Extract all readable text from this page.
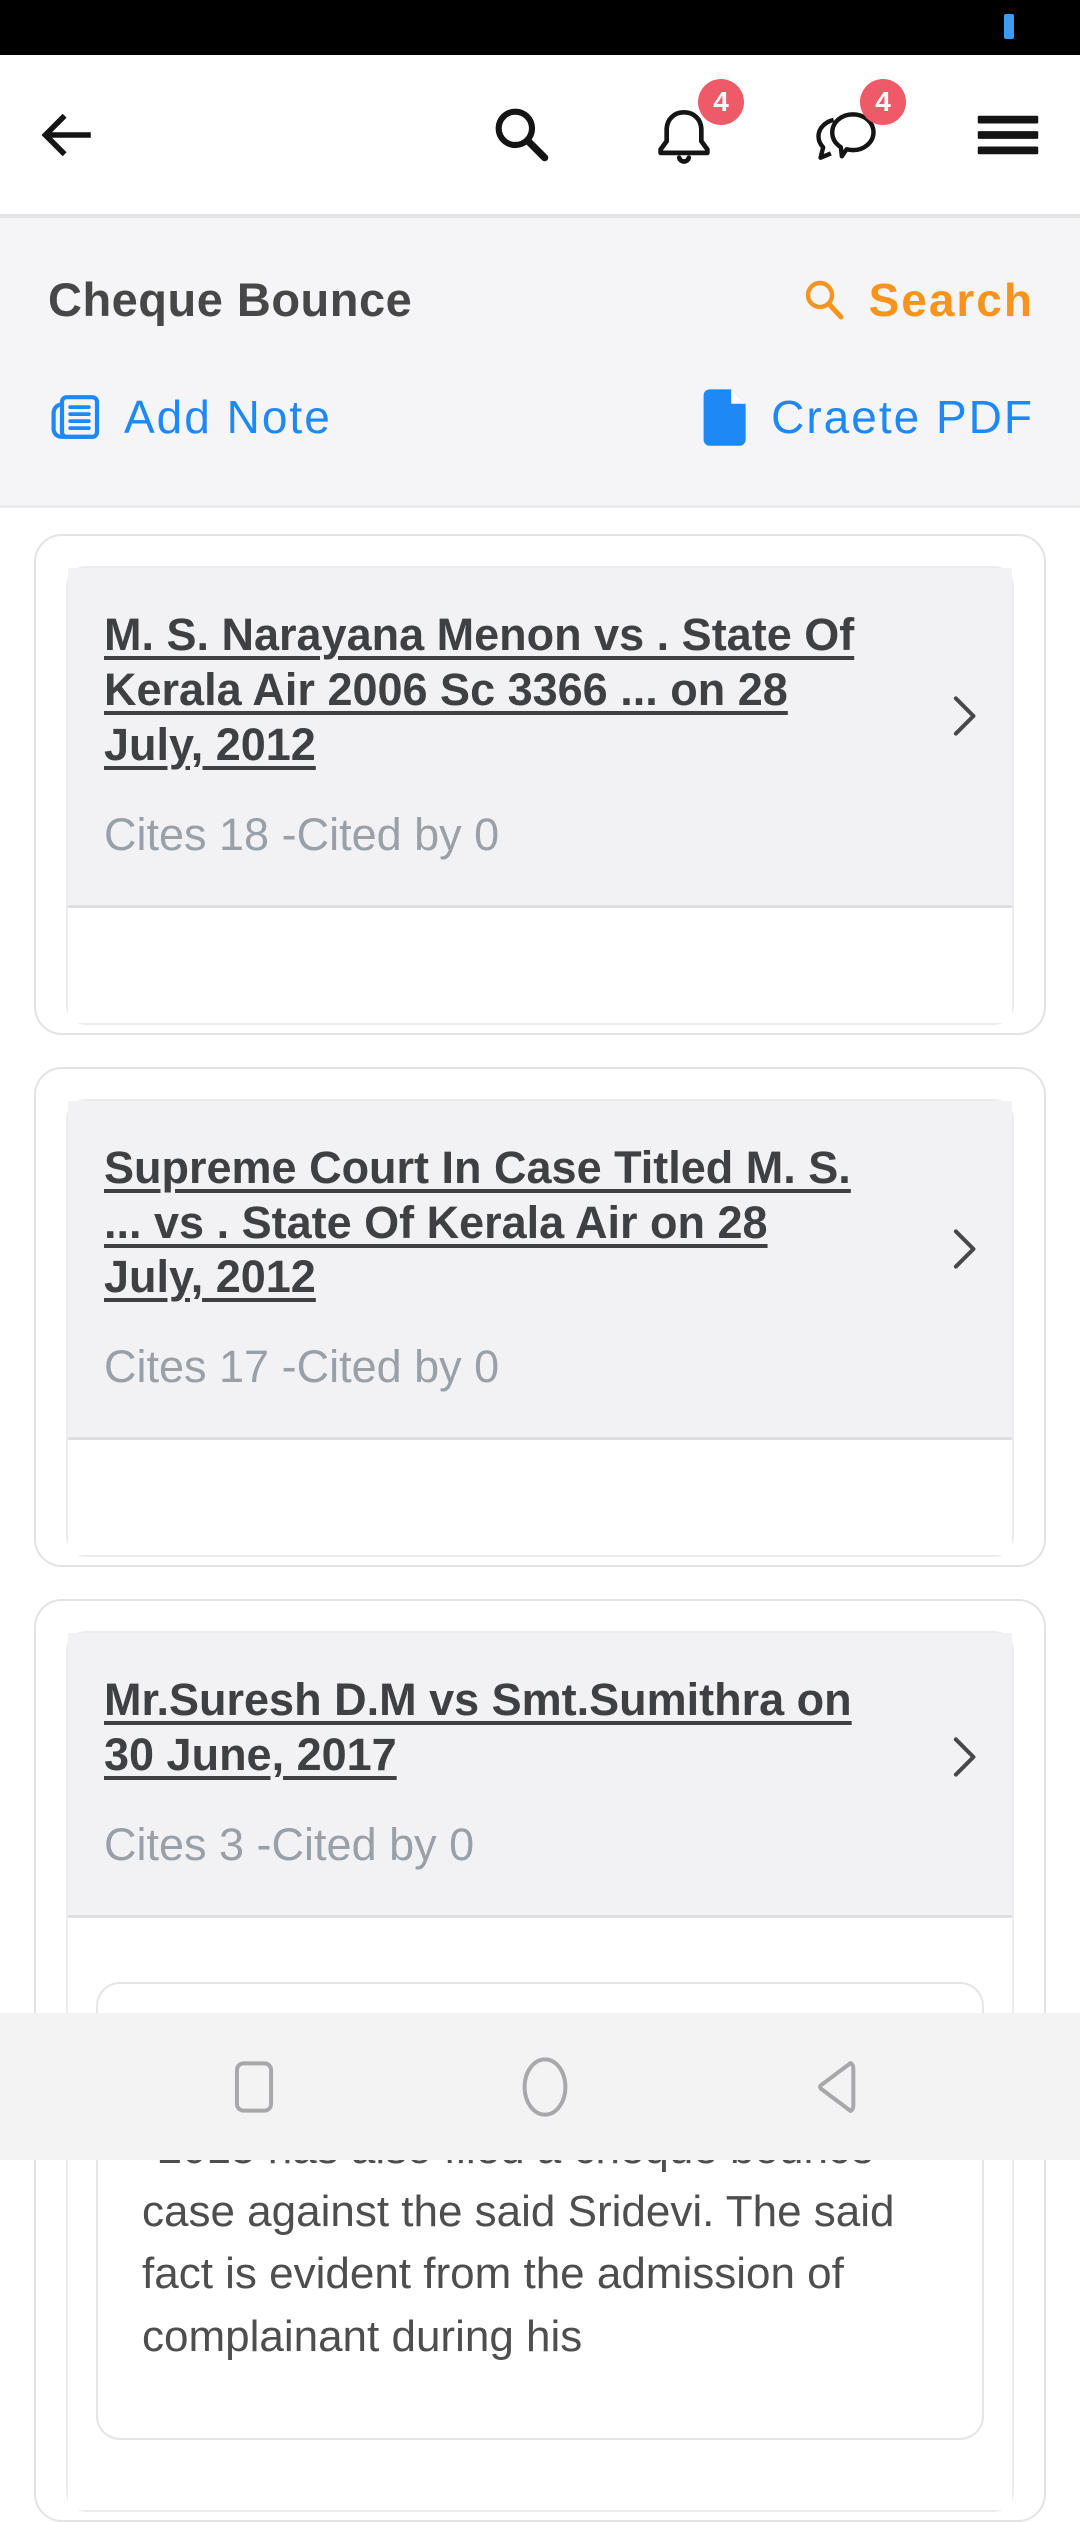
4	4
Cheque Bounce	Search
Add Note	Craete PDF
M. S. Narayana Menon vs . State Of Kerala Air 2006 Sc 3366 ... on 28 July, 2012
Cites 18 -Cited by 0
Supreme Court In Case Titled M. S. ... vs . State Of Kerala Air on 28 July, 2012
Cites 17 -Cited by 0
Mr.Suresh D.M vs Smt.Sumithra on 30 June, 2017
Cites 3 -Cited by 0
case against the said Sridevi. The said fact is evident from the admission of complainant during his
